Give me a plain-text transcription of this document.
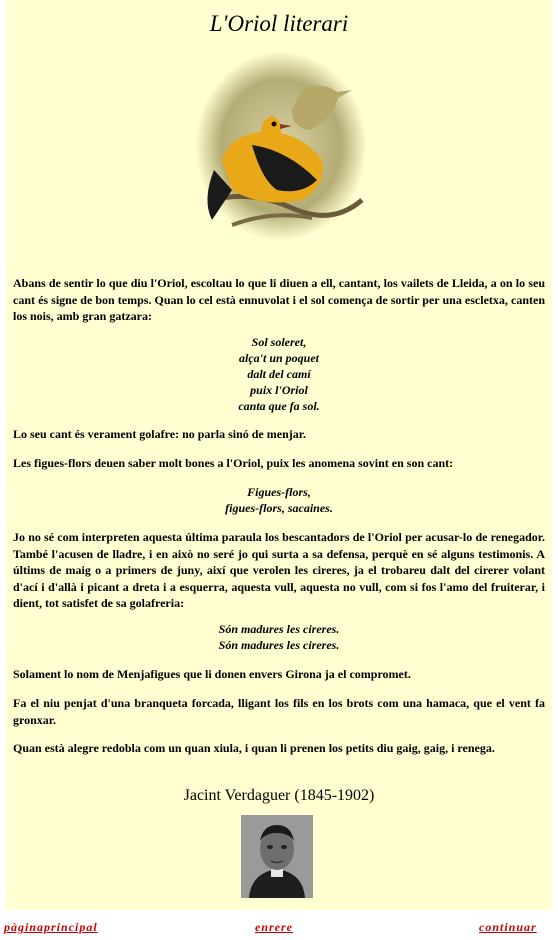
L'Oriol literari

Abans de sentir lo que diu l'Oriol, escoltau lo que li diuen a ell, cantant, los vailets de Lleida, a on lo seu cant és signe de bon temps. Quan lo cel està ennuvolat i el sol comença de sortir per una escletxa, canten los nois, amb gran gatzara:

Sol soleret,
alça't un poquet
dalt del camí
puix l'Oriol
canta que fa sol.

Lo seu cant és verament golafre: no parla sinó de menjar.

Les figues-flors deuen saber molt bones a l'Oriol, puix les anomena sovint en son cant:

Figues-flors,
figues-flors, sacaines.

Jo no sé com interpreten aquesta última paraula los bescantadors de l'Oriol per acusar-lo de renegador. També l'acusen de lladre, i en això no seré jo qui surta a sa defensa, perquè en sé alguns testimonis. A últims de maig o a primers de juny, així que verolen les cireres, ja el trobareu dalt del cirerer volant d'ací i d'allà i picant a dreta i a esquerra, aquesta vull, aquesta no vull, com si fos l'amo del fruiterar, i dient, tot satisfet de sa golafreria:

Són madures les cireres.
Són madures les cireres.

Solament lo nom de Menjafigues que li donen envers Girona ja el compromet.

Fa el niu penjat d'una branqueta forcada, lligant los fils en los brots com una hamaca, que el vent fa gronxar.

Quan està alegre redobla com un quan xiula, i quan li prenen los petits diu gaig, gaig, i renega.

Jacint Verdaguer (1845-1902)
pàginaprincipal	enrere	continuar
